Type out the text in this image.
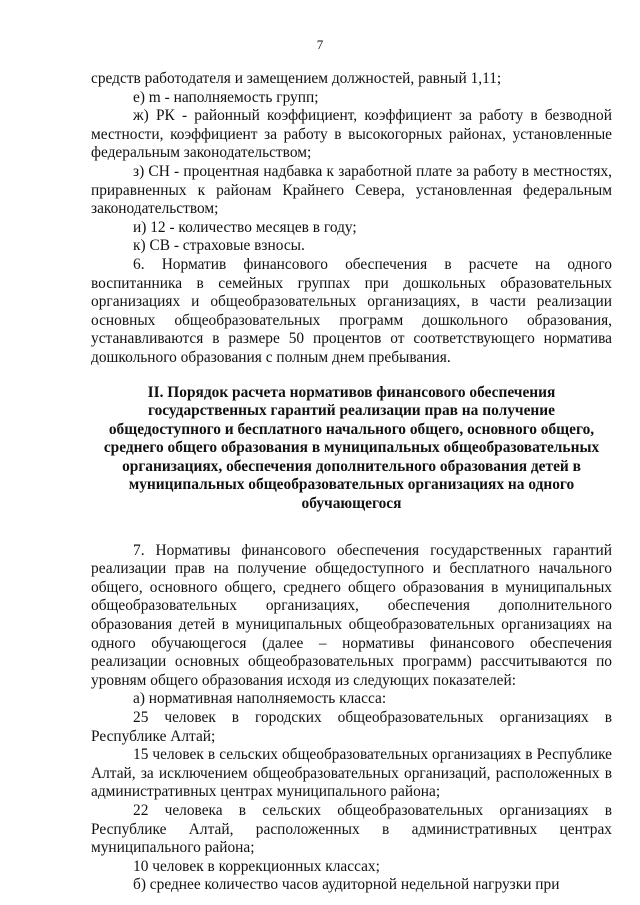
7

средств работодателя и замещением должностей, равный 1,11;

е) m - наполняемость групп;

ж) РК - районный коэффициент, коэффициент за работу в безводной местности, коэффициент за работу в высокогорных районах, установленные федеральным законодательством;

з) СН - процентная надбавка к заработной плате за работу в местностях, приравненных к районам Крайнего Севера, установленная федеральным законодательством;

и) 12 - количество месяцев в году;

к) СВ - страховые взносы.

6. Норматив финансового обеспечения в расчете на одного воспитанника в семейных группах при дошкольных образовательных организациях и общеобразовательных организациях, в части реализации основных общеобразовательных программ дошкольного образования, устанавливаются в размере 50 процентов от соответствующего норматива дошкольного образования с полным днем пребывания.

II. Порядок расчета нормативов финансового обеспечения государственных гарантий реализации прав на получение общедоступного и бесплатного начального общего, основного общего, среднего общего образования в муниципальных общеобразовательных организациях, обеспечения дополнительного образования детей в муниципальных общеобразовательных организациях на одного обучающегося

7. Нормативы финансового обеспечения государственных гарантий реализации прав на получение общедоступного и бесплатного начального общего, основного общего, среднего общего образования в муниципальных общеобразовательных организациях, обеспечения дополнительного образования детей в муниципальных общеобразовательных организациях на одного обучающегося (далее – нормативы финансового обеспечения реализации основных общеобразовательных программ) рассчитываются по уровням общего образования исходя из следующих показателей:

а) нормативная наполняемость класса:

25 человек в городских общеобразовательных организациях в Республике Алтай;

15 человек в сельских общеобразовательных организациях в Республике Алтай, за исключением общеобразовательных организаций, расположенных в административных центрах муниципального района;

22 человека в сельских общеобразовательных организациях в Республике Алтай, расположенных в административных центрах муниципального района;

10 человек в коррекционных классах;

б) среднее количество часов аудиторной недельной нагрузки при
